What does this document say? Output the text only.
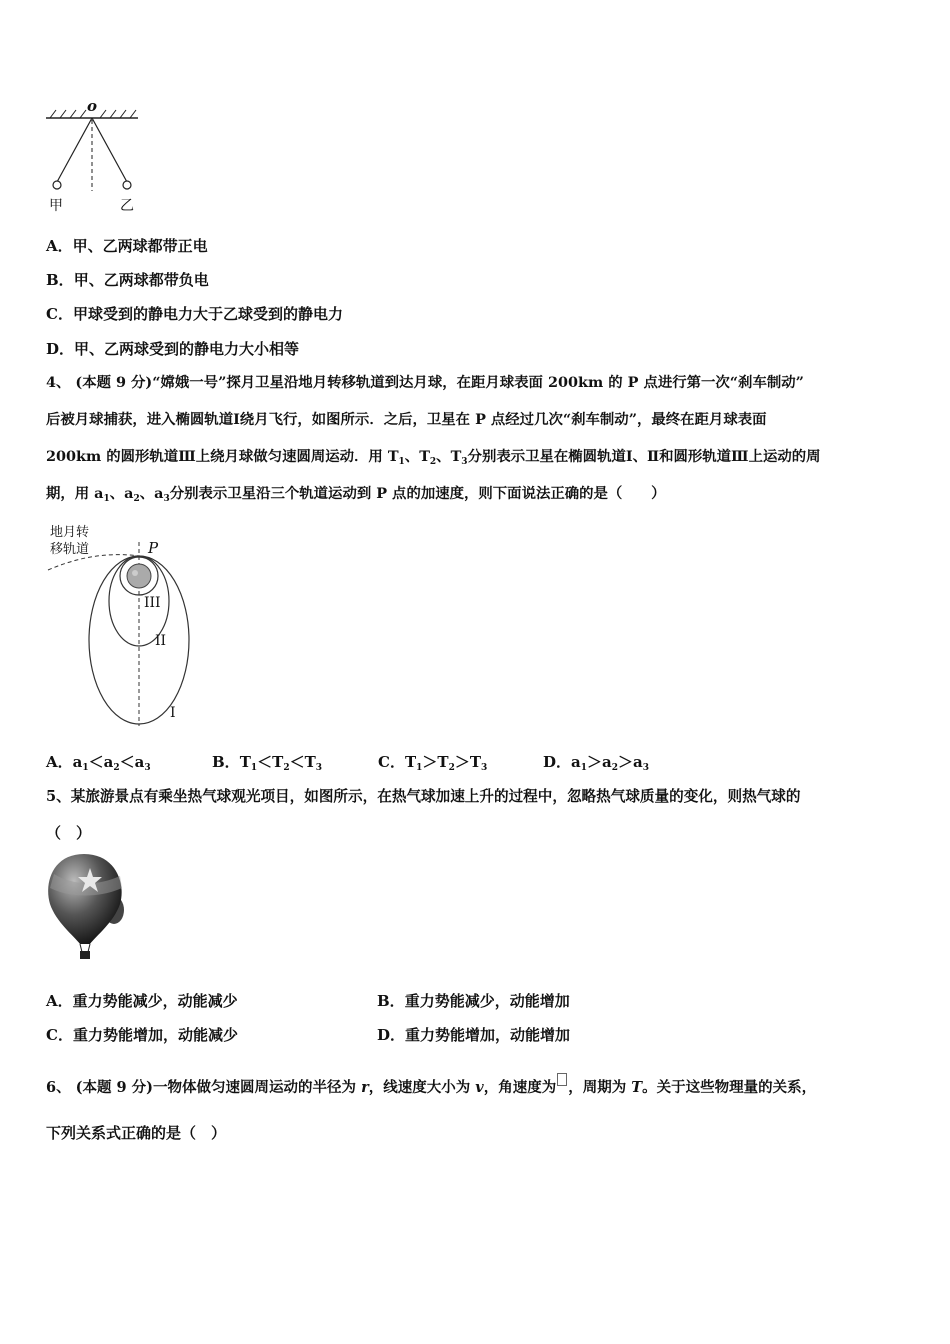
o
甲	乙
A．甲、乙两球都带正电
B．甲、乙两球都带负电
C．甲球受到的静电力大于乙球受到的静电力
D．甲、乙两球受到的静电力大小相等
4、 (本题 9 分)“嫦娥一号”探月卫星沿地月转移轨道到达月球，在距月球表面 200km 的 P 点进行第一次“刹车制动”
后被月球捕获，进入椭圆轨道Ⅰ绕月飞行，如图所示．之后，卫星在 P 点经过几次“刹车制动”，最终在距月球表面
200km 的圆形轨道Ⅲ上绕月球做匀速圆周运动．用 $T_1$、$T_2$、$T_3$分别表示卫星在椭圆轨道Ⅰ、Ⅱ和圆形轨道Ⅲ上运动的周
期，用 $a_1$、$a_2$、$a_3$分别表示卫星沿三个轨道运动到 P 点的加速度，则下面说法正确的是（　　）
地月转
移轨道	P
III
II
I
A．$a_1<a_2<a_3$	B．$T_1<T_2<T_3$	C．$T_1>T_2>T_3$	D．$a_1>a_2>a_3$
5、某旅游景点有乘坐热气球观光项目，如图所示，在热气球加速上升的过程中，忽略热气球质量的变化，则热气球的
（　）
A．重力势能减少，动能减少	B．重力势能减少，动能增加
C．重力势能增加，动能减少	D．重力势能增加，动能增加
6、 (本题 9 分)一物体做匀速圆周运动的半径为 r，线速度大小为 v，角速度为 ，周期为 T。关于这些物理量的关系，
下列关系式正确的是（　）
